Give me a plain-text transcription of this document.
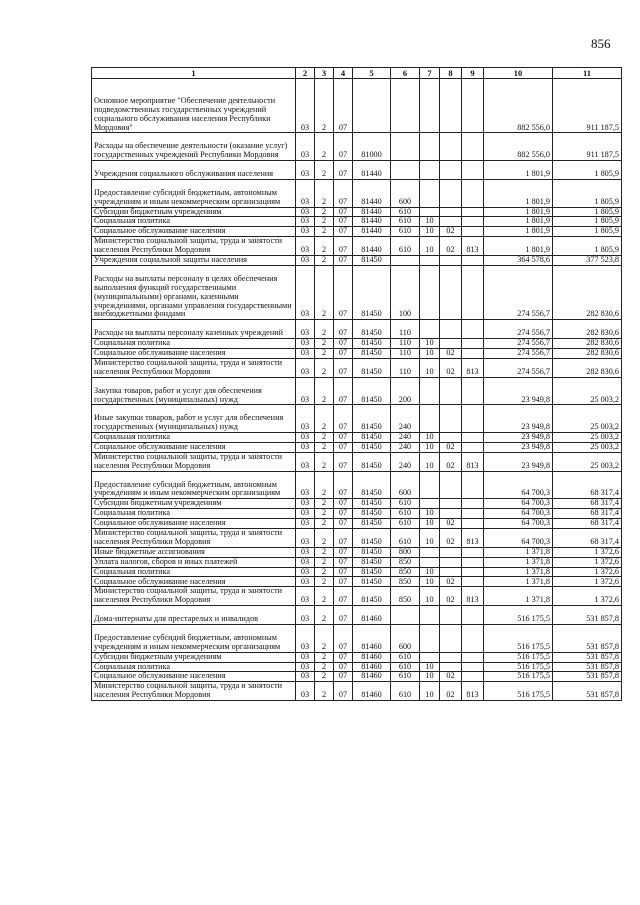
856
1	2	3	4	5	6	7	8	9	10	11
Основное мероприятие "Обеспечение деятельности подведомственных государственных учреждений социального обслуживания населения Республики Мордовия"	03	2	07						882 556,0	911 187,5
Расходы на обеспечение деятельности (оказание услуг) государственных учреждений Республики Мордовия	03	2	07	81000					882 556,0	911 187,5
Учреждения социального обслуживания населения	03	2	07	81440					1 801,9	1 805,9
Предоставление субсидий бюджетным, автономным учреждениям и иным некоммерческим организациям	03	2	07	81440	600				1 801,9	1 805,9
Субсидии бюджетным учреждениям	03	2	07	81440	610				1 801,9	1 805,9
Социальная политика	03	2	07	81440	610	10			1 801,9	1 805,9
Социальное обслуживание населения	03	2	07	81440	610	10	02		1 801,9	1 805,9
Министерство социальной защиты, труда и занятости населения Республики Мордовия	03	2	07	81440	610	10	02	813	1 801,9	1 805,9
Учреждения социальной защиты населения	03	2	07	81450					364 578,6	377 523,8
Расходы на выплаты персоналу в целях обеспечения выполнения функций государственными (муниципальными) органами, казенными учреждениями, органами управления государственными внебюджетными фондами	03	2	07	81450	100				274 556,7	282 830,6
Расходы на выплаты персоналу казенных учреждений	03	2	07	81450	110				274 556,7	282 830,6
Социальная политика	03	2	07	81450	110	10			274 556,7	282 830,6
Социальное обслуживание населения	03	2	07	81450	110	10	02		274 556,7	282 830,6
Министерство социальной защиты, труда и занятости населения Республики Мордовия	03	2	07	81450	110	10	02	813	274 556,7	282 830,6
Закупка товаров, работ и услуг для обеспечения государственных (муниципальных) нужд	03	2	07	81450	200				23 949,8	25 003,2
Иные закупки товаров, работ и услуг для обеспечения государственных (муниципальных) нужд	03	2	07	81450	240				23 949,8	25 003,2
Социальная политика	03	2	07	81450	240	10			23 949,8	25 003,2
Социальное обслуживание населения	03	2	07	81450	240	10	02		23 949,8	25 003,2
Министерство социальной защиты, труда и занятости населения Республики Мордовия	03	2	07	81450	240	10	02	813	23 949,8	25 003,2
Предоставление субсидий бюджетным, автономным учреждениям и иным некоммерческим организациям	03	2	07	81450	600				64 700,3	68 317,4
Субсидии бюджетным учреждениям	03	2	07	81450	610				64 700,3	68 317,4
Социальная политика	03	2	07	81450	610	10			64 700,3	68 317,4
Социальное обслуживание населения	03	2	07	81450	610	10	02		64 700,3	68 317,4
Министерство социальной защиты, труда и занятости населения Республики Мордовия	03	2	07	81450	610	10	02	813	64 700,3	68 317,4
Иные бюджетные ассигнования	03	2	07	81450	800				1 371,8	1 372,6
Уплата налогов, сборов и иных платежей	03	2	07	81450	850				1 371,8	1 372,6
Социальная политика	03	2	07	81450	850	10			1 371,8	1 372,6
Социальное обслуживание населения	03	2	07	81450	850	10	02		1 371,8	1 372,6
Министерство социальной защиты, труда и занятости населения Республики Мордовия	03	2	07	81450	850	10	02	813	1 371,8	1 372,6
Дома-интернаты для престарелых и инвалидов	03	2	07	81460					516 175,5	531 857,8
Предоставление субсидий бюджетным, автономным учреждениям и иным некоммерческим организациям	03	2	07	81460	600				516 175,5	531 857,8
Субсидии бюджетным учреждениям	03	2	07	81460	610				516 175,5	531 857,8
Социальная политика	03	2	07	81460	610	10			516 175,5	531 857,8
Социальное обслуживание населения	03	2	07	81460	610	10	02		516 175,5	531 857,8
Министерство социальной защиты, труда и занятости населения Республики Мордовия	03	2	07	81460	610	10	02	813	516 175,5	531 857,8
